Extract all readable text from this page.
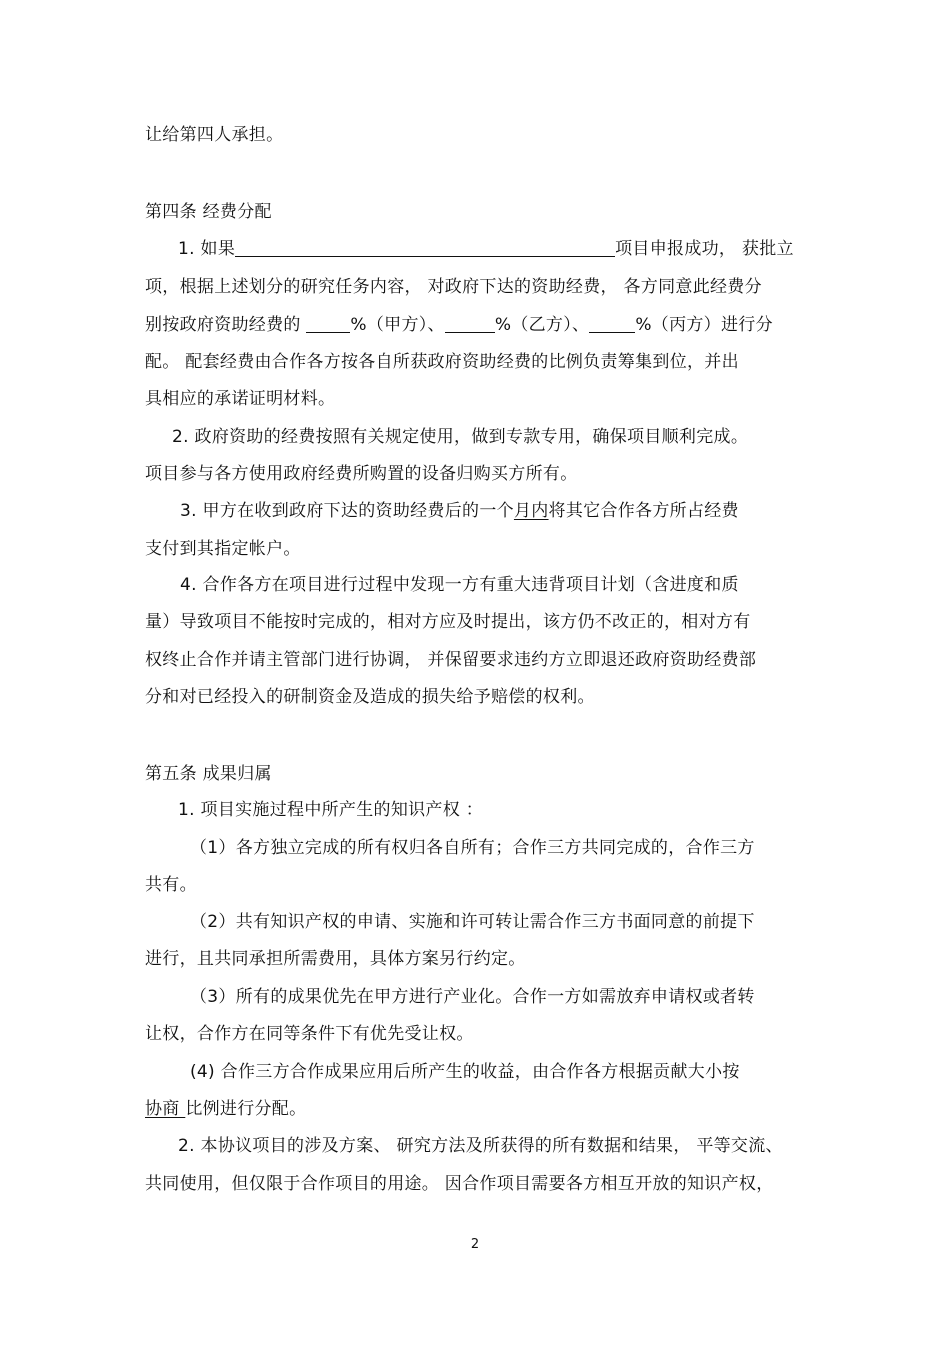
让给第四人承担。
第四条 经费分配
1. 如果	项目申报成功， 获批立
项，根据上述划分的研究任务内容， 对政府下达的资助经费， 各方同意此经费分
别按政府资助经费的	%（甲方）、	%（乙方）、	%（丙方）进行分
配。 配套经费由合作各方按各自所获政府资助经费的比例负责筹集到位，并出
具相应的承诺证明材料。
2. 政府资助的经费按照有关规定使用，做到专款专用，确保项目顺利完成。
项目参与各方使用政府经费所购置的设备归购买方所有。
3. 甲方在收到政府下达的资助经费后的一个月内将其它合作各方所占经费
支付到其指定帐户。
4. 合作各方在项目进行过程中发现一方有重大违背项目计划（含进度和质
量）导致项目不能按时完成的，相对方应及时提出，该方仍不改正的，相对方有
权终止合作并请主管部门进行协调， 并保留要求违约方立即退还政府资助经费部
分和对已经投入的研制资金及造成的损失给予赔偿的权利。
第五条 成果归属
1. 项目实施过程中所产生的知识产权 ：
（1）各方独立完成的所有权归各自所有；合作三方共同完成的，合作三方
共有。
（2）共有知识产权的申请、实施和许可转让需合作三方书面同意的前提下
进行，且共同承担所需费用，具体方案另行约定。
（3）所有的成果优先在甲方进行产业化。合作一方如需放弃申请权或者转
让权，合作方在同等条件下有优先受让权。
(4) 合作三方合作成果应用后所产生的收益，由合作各方根据贡献大小按
协商 比例进行分配。
2. 本协议项目的涉及方案、 研究方法及所获得的所有数据和结果， 平等交流、
共同使用，但仅限于合作项目的用途。 因合作项目需要各方相互开放的知识产权，
2
